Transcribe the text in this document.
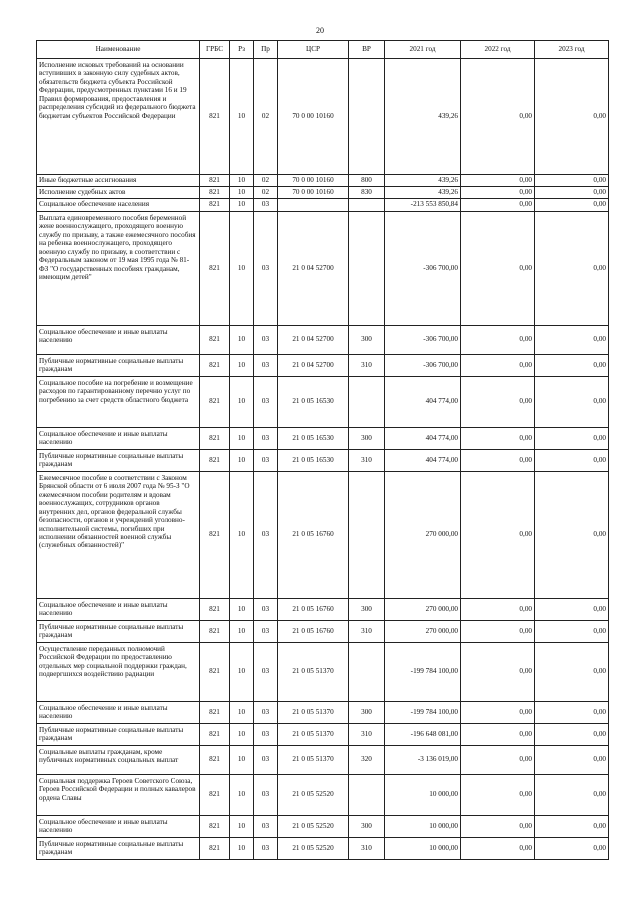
20
Наименование	ГРБС	Рз	Пр	ЦСР	ВР	2021 год	2022 год	2023 год
Исполнение исковых требований на основании вступивших в законную силу судебных актов, обязательств бюджета субъекта Российской Федерации, предусмотренных пунктами 16 и 19 Правил формирования, предоставления и распределения субсидий из федерального бюджета бюджетам субъектов Российской Федерации	821	10	02	70 0 00 10160		439,26	0,00	0,00
Иные бюджетные ассигнования	821	10	02	70 0 00 10160	800	439,26	0,00	0,00
Исполнение судебных актов	821	10	02	70 0 00 10160	830	439,26	0,00	0,00
Социальное обеспечение населения	821	10	03			-213 553 850,84	0,00	0,00
Выплата единовременного пособия беременной жене военнослужащего, проходящего военную службу по призыву, а также ежемесячного пособия на ребенка военнослужащего, проходящего военную службу по призыву, в соответствии с Федеральным законом от 19 мая 1995 года № 81-ФЗ "О государственных пособиях гражданам, имеющим детей"	821	10	03	21 0 04 52700		-306 700,00	0,00	0,00
Социальное обеспечение и иные выплаты населению	821	10	03	21 0 04 52700	300	-306 700,00	0,00	0,00
Публичные нормативные социальные выплаты гражданам	821	10	03	21 0 04 52700	310	-306 700,00	0,00	0,00
Социальное пособие на погребение и возмещение расходов по гарантированному перечню услуг по погребению за счет средств областного бюджета	821	10	03	21 0 05 16530		404 774,00	0,00	0,00
Социальное обеспечение и иные выплаты населению	821	10	03	21 0 05 16530	300	404 774,00	0,00	0,00
Публичные нормативные социальные выплаты гражданам	821	10	03	21 0 05 16530	310	404 774,00	0,00	0,00
Ежемесячное пособие в соответствии с Законом Брянской области от 6 июля 2007 года № 95-З "О ежемесячном пособии родителям и вдовам военнослужащих, сотрудников органов внутренних дел, органов федеральной службы безопасности, органов и учреждений уголовно-исполнительной системы, погибших при исполнении обязанностей военной службы (служебных обязанностей)"	821	10	03	21 0 05 16760		270 000,00	0,00	0,00
Социальное обеспечение и иные выплаты населению	821	10	03	21 0 05 16760	300	270 000,00	0,00	0,00
Публичные нормативные социальные выплаты гражданам	821	10	03	21 0 05 16760	310	270 000,00	0,00	0,00
Осуществление переданных полномочий Российской Федерации по предоставлению отдельных мер социальной поддержки граждан, подвергшихся воздействию радиации	821	10	03	21 0 05 51370		-199 784 100,00	0,00	0,00
Социальное обеспечение и иные выплаты населению	821	10	03	21 0 05 51370	300	-199 784 100,00	0,00	0,00
Публичные нормативные социальные выплаты гражданам	821	10	03	21 0 05 51370	310	-196 648 081,00	0,00	0,00
Социальные выплаты гражданам, кроме публичных нормативных социальных выплат	821	10	03	21 0 05 51370	320	-3 136 019,00	0,00	0,00
Социальная поддержка Героев Советского Союза, Героев Российской Федерации и полных кавалеров ордена Славы	821	10	03	21 0 05 52520		10 000,00	0,00	0,00
Социальное обеспечение и иные выплаты населению	821	10	03	21 0 05 52520	300	10 000,00	0,00	0,00
Публичные нормативные социальные выплаты гражданам	821	10	03	21 0 05 52520	310	10 000,00	0,00	0,00
